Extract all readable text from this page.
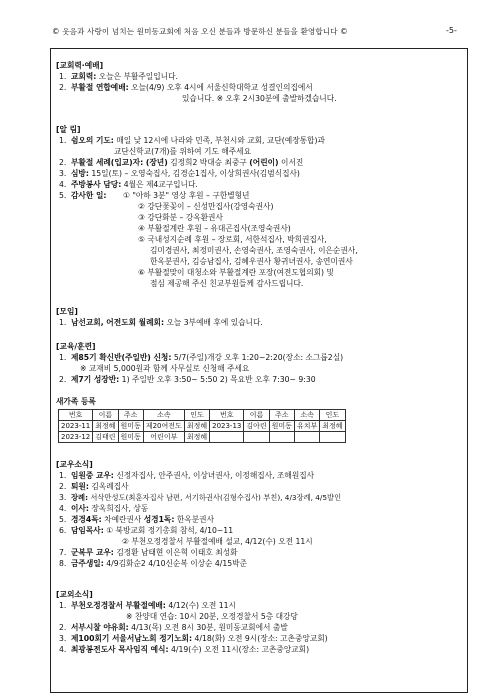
© 웃음과 사랑이 넘치는 원미동교회에 처음 오신 분들과 방문하신 분들을 환영합니다 ©	-5-
[교회력·예배]
1. 교회력: 오늘은 부활주일입니다.
2. 부활절 연합예배: 오늘(4/9) 오후 4시에 서울신학대학교 성결인의집에서
있습니다. ※ 오후 2시30분에 출발하겠습니다.
[알 림]
1. 쉼오의 기도: 매일 낮 12시에 나라와 민족, 부천시와 교회, 교단(예장통합)과
교단신학교(7개)를 위하여 기도 해주세요
2. 부활절 세례(입교)자: (장년) 김정희2 박대승 최중구 (어린이) 이서진
3. 심방: 15일(토) – 오영숙집사, 김경순1집사, 이상희권사(김범식집사)
4. 주방봉사 담당: 4월은 제4교구입니다.
5. 감사한 일:	① "아하 3분" 영상 후원 – 구한별형년
② 강단꽃꽂이 – 신성만집사(강영숙권사)
③ 강단화분 – 강옥환권사
④ 부활절계란 후원 – 유대곤집사(조영숙권사)
⑤ 국내성지순례 후원 – 장로회, 서한석집사, 박희권집사,
김미경권사, 최정미권사, 손영숙권사, 조영숙권사, 이은순권사,
한옥분권사, 김승남집사, 김혜우권사 황귀녀권사, 송연미권사
⑥ 부활절맞이 대청소와 부활절계란 포장(여전도협의회) 및
점심 제공해 주신 친교부원들께 감사드립니다.
[모임]
1. 남선교회, 어전도회 월례회: 오늘 3부예배 후에 있습니다.
[교육/훈련]
1. 제85기 확신반(주일반) 신청: 5/7(주일)개강 오후 1:20~2:20(장소: 소그룹2실)
※ 교재비 5,000원과 함께 사무실로 신청해 주세요
2. 제7기 성장반: 1) 주일반 오후 3:50~ 5:50 2) 목요반 오후 7:30~ 9:30
새가족 등록
번호	이름	주소	소속	인도	번호	이름	주소	소속	인도
2023-11	최정혜	원미동	제20여전도	최정혜	2023-13	김아린	원미동	유치부	최정혜
2023-12	김태린	원미동	어린이부	최정혜					
[교우소식]
1. 임원중 교우: 신정자집사, 안주권사, 이상녀권사, 이정해집사, 조해원집사
2. 퇴원: 김옥례집사
3. 장례: 서삭만성도(최훈자집사 남편, 서기하권사(김형수집사) 부친), 4/3장례, 4/5발인
4. 이사: 장옥희집사, 상동
5. 경경4독: 차예란권사 성경1독: 한옥분권사
6. 담임목사: ① 북방교회 정기총회 참석, 4/10~11
② 부천오정경찰서 부활절예배 설교, 4/12(수) 오전 11시
7. 군복무 교우: 김정환 남태현 이은혁 이태호 최성화
8. 금주생일: 4/9김화순2 4/10신순복 이상순 4/15박준
[교외소식]
1. 부천오정경찰서 부활절예배: 4/12(수) 오전 11시
※ 찬양대 연습: 10시 20분, 오정경찰서 5층 대강당
2. 서부시찰 야유회: 4/13(목) 오전 8시 30분, 원미동교회에서 출발
3. 제100회기 서울서남노회 정기노회: 4/18(화) 오전 9시(장소: 고촌중앙교회)
4. 최광봉전도사 목사임직 예식: 4/19(수) 오전 11시(장소: 고촌중앙교회)
